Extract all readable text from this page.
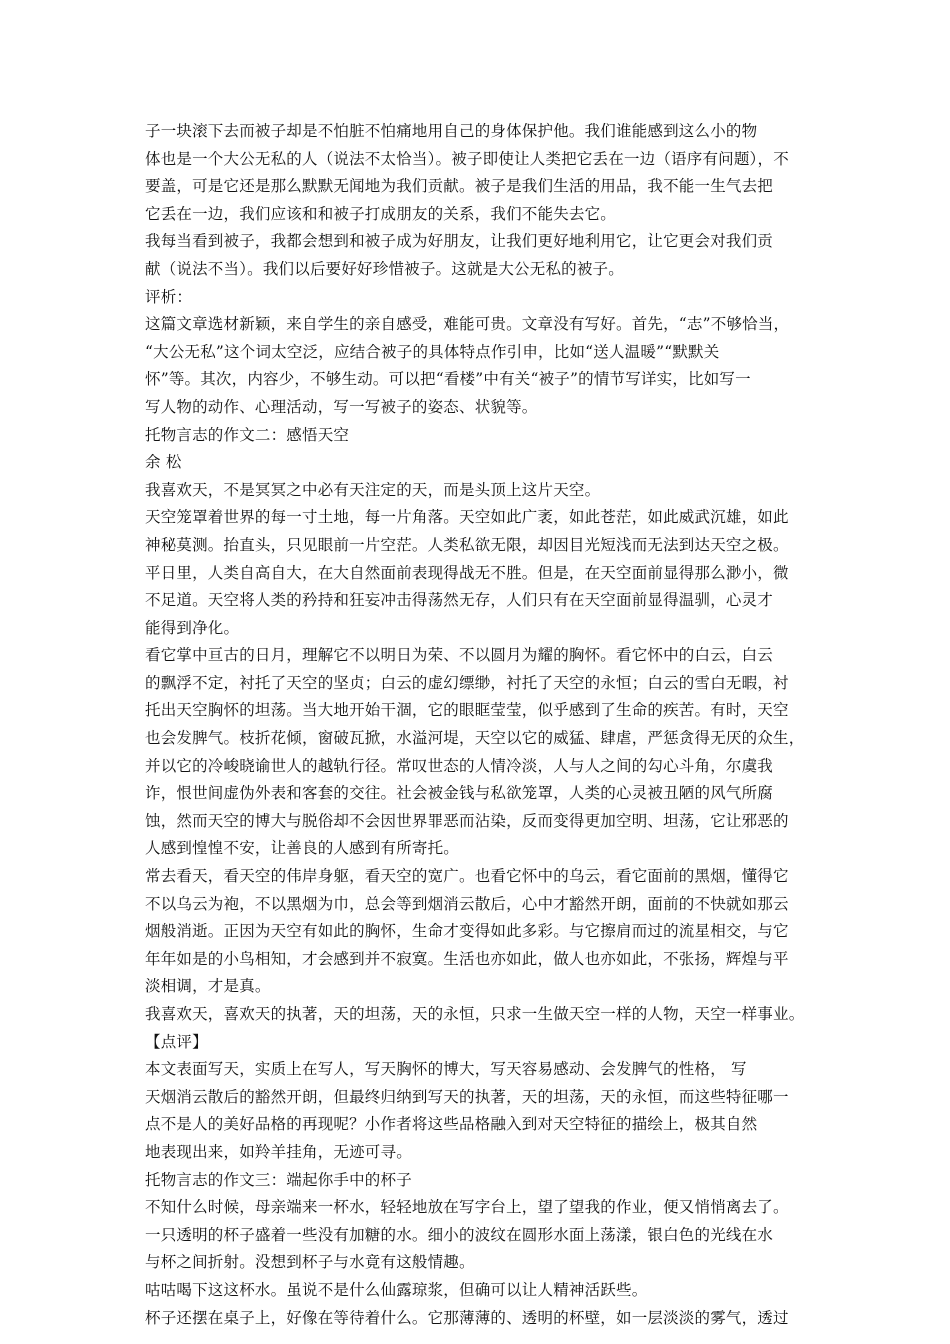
子一块滚下去而被子却是不怕脏不怕痛地用自己的身体保护他。我们谁能感到这么小的物
体也是一个大公无私的人（说法不太恰当）。被子即使让人类把它丢在一边（语序有问题），不
要盖，可是它还是那么默默无闻地为我们贡献。被子是我们生活的用品，我不能一生气去把
它丢在一边，我们应该和和被子打成朋友的关系，我们不能失去它。
我每当看到被子，我都会想到和被子成为好朋友，让我们更好地利用它，让它更会对我们贡
献（说法不当）。我们以后要好好珍惜被子。这就是大公无私的被子。
评析：
这篇文章选材新颖，来自学生的亲自感受，难能可贵。文章没有写好。首先，“志”不够恰当，
“大公无私”这个词太空泛，应结合被子的具体特点作引申，比如“送人温暖”“默默关
怀”等。其次，内容少，不够生动。可以把“看楼”中有关“被子”的情节写详实，比如写一
写人物的动作、心理活动，写一写被子的姿态、状貌等。
托物言志的作文二：感悟天空
余 松
我喜欢天，不是冥冥之中必有天注定的天，而是头顶上这片天空。
天空笼罩着世界的每一寸土地，每一片角落。天空如此广袤，如此苍茫，如此威武沉雄，如此
神秘莫测。抬直头，只见眼前一片空茫。人类私欲无限，却因目光短浅而无法到达天空之极。
平日里，人类自高自大，在大自然面前表现得战无不胜。但是，在天空面前显得那么渺小，微
不足道。天空将人类的矜持和狂妄冲击得荡然无存，人们只有在天空面前显得温驯，心灵才
能得到净化。
看它掌中亘古的日月，理解它不以明日为荣、不以圆月为耀的胸怀。看它怀中的白云，白云
的飘浮不定，衬托了天空的坚贞；白云的虚幻缥缈，衬托了天空的永恒；白云的雪白无暇，衬
托出天空胸怀的坦荡。当大地开始干涸，它的眼眶莹莹，似乎感到了生命的疾苦。有时，天空
也会发脾气。枝折花倾，窗破瓦掀，水溢河堤，天空以它的威猛、肆虐，严惩贪得无厌的众生，
并以它的冷峻晓谕世人的越轨行径。常叹世态的人情冷淡，人与人之间的勾心斗角，尔虞我
诈，恨世间虚伪外表和客套的交往。社会被金钱与私欲笼罩，人类的心灵被丑陋的风气所腐
蚀，然而天空的博大与脱俗却不会因世界罪恶而沾染，反而变得更加空明、坦荡，它让邪恶的
人感到惶惶不安，让善良的人感到有所寄托。
常去看天，看天空的伟岸身躯，看天空的宽广。也看它怀中的乌云，看它面前的黑烟，懂得它
不以乌云为袍，不以黑烟为巾，总会等到烟消云散后，心中才豁然开朗，面前的不快就如那云
烟般消逝。正因为天空有如此的胸怀，生命才变得如此多彩。与它擦肩而过的流星相交，与它
年年如是的小鸟相知，才会感到并不寂寞。生活也亦如此，做人也亦如此，不张扬，辉煌与平
淡相调，才是真。
我喜欢天，喜欢天的执著，天的坦荡，天的永恒，只求一生做天空一样的人物，天空一样事业。
【点评】
本文表面写天，实质上在写人，写天胸怀的博大，写天容易感动、会发脾气的性格， 写
天烟消云散后的豁然开朗，但最终归纳到写天的执著，天的坦荡，天的永恒，而这些特征哪一
点不是人的美好品格的再现呢？小作者将这些品格融入到对天空特征的描绘上，极其自然
地表现出来，如羚羊挂角，无迹可寻。
托物言志的作文三：端起你手中的杯子
不知什么时候，母亲端来一杯水，轻轻地放在写字台上，望了望我的作业，便又悄悄离去了。
一只透明的杯子盛着一些没有加糖的水。细小的波纹在圆形水面上荡漾，银白色的光线在水
与杯之间折射。没想到杯子与水竟有这般情趣。
咕咕喝下这这杯水。虽说不是什么仙露琼浆，但确可以让人精神活跃些。
杯子还摆在桌子上，好像在等待着什么。它那薄薄的、透明的杯壁，如一层淡淡的雾气，透过
